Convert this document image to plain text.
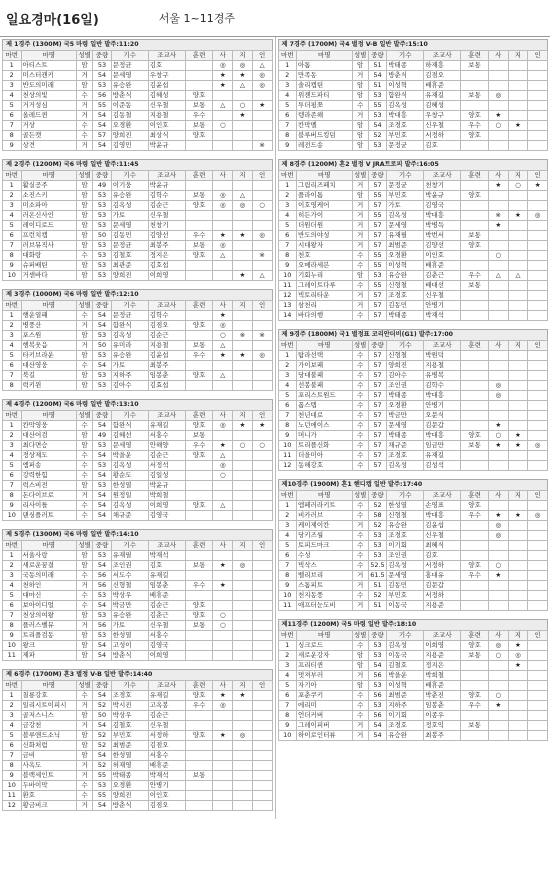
일요경마(16일)	서울 1~11경주
제 1경주 (1300M) 국5 마령 일반 발주:11:20
마번	마명	성별	중량	기수	조교사	훈련	사	지	인
1	아티스트	암	53	문정균	김호		◎	◎	△
2	미스터캔키	거	54	문세영	우창구		★	★	◎
3	반도의미래	암	53	유승완	김윤섭		★	△	◎
4	천상의빛	수	56	방춘식	김혜성	양호			
5	거거성심	거	55	이준동	신우철	보통	△	○	★
6	올레드퀸	거	54	김동철	지용철	우수		★	
7	거상	수	54	오경환	이인호	보통	○		
8	골든캣	수	57	양희진	최상식	양호			
9	상견	거	54	김영민	박윤규				※
제 2경주 (1200M) 국6 마령 일반 발주:11:45
마번	마명	성별	중량	기수	조교사	훈련	사	지	인
1	활실공주	암	49	이기웅	박윤규				
2	소진스키	암	53	유승완	김학수	보통	◎	△	
3	미소파아	암	53	김옥성	김순근	양호	◎	◎	○
4	러온신사인	암	53	가토	신우철				
5	레이디로드	암	53	문세영	천창기				
6	프런치캡	암	50	김동민	김양선	우수	★	★	◎
7	러브뮤직사	암	53	문정균	최봉주	보통	◎		
8	대화랑	수	53	김철호	정지은	양호	△		※
9	슈퍼배틴	암	53	최관준	김호섭				
10	거센바다	암	53	양희진	이희영			★	△
제 3경주 (1000M) 국6 마령 일반 발주:12:10
마번	마명	성별	중량	기수	조교사	훈련	사	지	인
1	행운열패	수	54	문정균	김학수		★		
2	병풍산	거	54	함완식	김점오	양호	◎		
3	포스원	암	53	김옥성	김순근		○	※	※
4	행복웃음	거	50	유미라	지용철	보통	△		
5	타키브라운	암	53	유승완	김윤섭	우수	★	★	◎
6	대산영웅	수	54	가토	최봉주				
7	북길	암	53	지하주	임봉춘	양호	△		
8	럭키윈	암	53	김아수	김효섭				
제 4경주 (1200M) 국6 마령 일반 발주:13:10
마번	마명	성별	중량	기수	조교사	훈련	사	지	인
1	칸막영웅	수	54	함완식	유재길	양호	◎	★	★
2	대산어검	암	49	김혜선	서홍수	보통			
3	최다면승	암	53	문세영	안해양	우수	★	○	○
4	정상제도	수	54	박을운	김순근	양호	△		
5	엠퍼송	수	53	김옥성	서정석		◎		
6	강력한힘	수	54	황순도	김일성		○		
7	럭스비전	암	53	한성열	박윤규				
8	돈다이브로	거	54	원정일	박희철				
9	리사이틀	수	54	김옥성	이희영	양호	△		
10	댄싱플러트	수	54	채규준	김영국				
제 5경주 (1300M) 국6 마령 일반 발주:14:10
마번	마명	성별	중량	기수	조교사	훈련	사	지	인
1	서울사랑	암	53	유재필	박재석				
2	새로운꿈결	암	54	조인권	김호	보통	★	◎	
3	국동의미래	수	56	서도수	유재길				
4	천하인	거	56	신형철	임봉춘	우수	★		
5	대마신	수	53	박상우	배휴준				
6	보아이디얼	수	54	박금만	김순근	양호			
7	천상의여왕	암	53	유승완	김춘근	양호	○		
8	플러스벨뮤	거	56	가토	신우철	보통	○		
9	트리플검동	암	53	한성열	서홍수				
10	왕크	암	54	고성이	김영국				
11	제파	암	54	방춘식	이희영				
제 6경주 (1700M) 혼3 별정 V-B 일반 발주:14:40
마번	마명	성별	중량	기수	조교사	훈련	사	지	인
1	칠룡강호	수	54	조경호	유재길	양호	★	★	
2	일리시트이피시	거	52	박시진	고옥봉	우수	◎		
3	골저스니스	암	50	박상우	김순근				
4	금강천	거	54	김철호	신우철				
5	블루앤드소닉	암	52	부민호	서정하	양호	★	◎	
6	신화처럼	암	52	최범준	김점오				
7	금비	암	54	한성열	서홍수				
8	사옥도	거	52	허재영	배휴준				
9	블랙세인트	거	55	박태종	박재석	보통			
10	두바이막	수	53	오경환	안병기				
11	환호	수	55	양희진	이인호				
12	황금비크	거	54	방춘식	김점오				
제 7경주 (1700M) 국4 별정 V-B 일반 발주:15:10
마번	마명	성별	중량	기수	조교사	훈련	사	지	인
1	아톰	암	51	박태종	하재흥	보통			
2	만족동	거	54	방춘식	김점오				
3	솔리캡틴	암	51	이성혁	배휴준				
4	위젠드파티	암	53	함완식	유재길	보통	◎		
5	투더핑쪼	수	55	김옥성	김혜성				
6	텡라존해	거	53	박대흥	우창구	양호	★		
7	칸막멜	암	54	조경호	신우철	우수	○	★	
8	블루버드킹덤	암	52	부민호	서정하	양호			
9	레전드송	암	53	문정균	김호				
제 8경주 (1200M) 혼2 별정 V JRA트로피 발주:16:05
마번	마명	성별	중량	기수	조교사	훈련	사	지	인
1	그림리즈패치	거	57	문정균	천창기		★	○	★
2	플라이톰	암	55	부민호	박윤규	양호			
3	이호영케어	거	57	가토	김영국				
4	히든가이	거	55	김옥성	박대흥		※	★	◎
5	더원더원	거	57	문세영	박병득		★		
6	반도의야성	거	57	유재필	박번서	보통			
7	시대왕자	거	57	최범준	김양선	양호			
8	천호	수	55	오경환	이인호		○		
9	오메라세븐	수	55	이성혁	배휴준				
10	기회누리	암	53	유승완	김춘근	우수	△	△	
11	그레이트다루	수	55	신형철	배대선	보통			
12	빅토리타운	거	57	조경호	신우철				
13	삼천리	거	57	김동민	안병기				
14	바다의행	수	57	박태종	박재석				
제 9경주 (1800M) 국1 별정표 코리안더비(G1) 발주:17:00
마번	마명	성별	중량	기수	조교사	훈련	사	지	인
1	탐라선택	수	57	신형철	박원덕				
2	가이보패	수	57	양희진	지용철				
3	당대불패	수	57	김아수	유병복				
4	선봉불패	수	57	조인권	김학수		◎		
5	포리스트원드	수	57	박태종	박대흥		◎		
6	폼스텝	수	57	오경환	안병기				
7	천년대로	수	57	박금만	오문식				
8	노던에이스	수	57	문세영	김문갑		★		
9	머니가	수	57	박태종	박대흥	양호	○	★	
10	트리플신화	수	57	채규준	임금만	보통	★	★	◎
11	더을미아	수	57	조경호	유재길				
12	동해강호	수	57	김옥성	김성석				
제10경주 (1900M) 혼1 핸디캡 일반 발주:17:40
마번	마명	성별	중량	기수	조교사	훈련	사	지	인
1	엠페러라키트	수	52	한성열	손영표	양호			
2	비카러브	수	58	신형철	박대흥	우수	★	★	◎
3	케이제이칸	거	52	유승완	김윤섭		◎		
4	당키즈월	수	53	조경호	신우철		◎		
5	토피드마크	수	53	이기회	최혜식				
6	수성	수	53	조인권	김호				
7	빅삭스	수	52.5	김옥성	서정하	양호	○		
8	벨리브리	거	61.5	문세영	홍대유	우수	★		
9	스톰피트	거	51	김동민	김문갑				
10	천지동풍	수	52	부민호	서정하				
11	애프터눈도비	거	51	이동국	지용준				
제11경주 (1200M) 국5 마령 일반 발주:18:10
마번	마명	성별	중량	기수	조교사	훈련	사	지	인
1	싱크로드	수	53	김옥성	이희영	양호	◎	★	
2	새로운강자	암	53	이동국	지용준	보통	○	◎	
3	프리티퀸	암	54	김철호	정지은			★	
4	멋져부러	거	56	박을운	박희철				
5	자기아	암	53	이성혁	배휴준				
6	포춘쿠키	수	56	최범준	박춘진	양호	○		
7	에리미	수	53	지하주	임봉춘	우수	★		
8	언더커버	수	56	이기회	이종우				
9	그레이피버	거	54	조경호	정호익	보통			
10	하이로인터뷰	거	54	유승완	최봉주				
